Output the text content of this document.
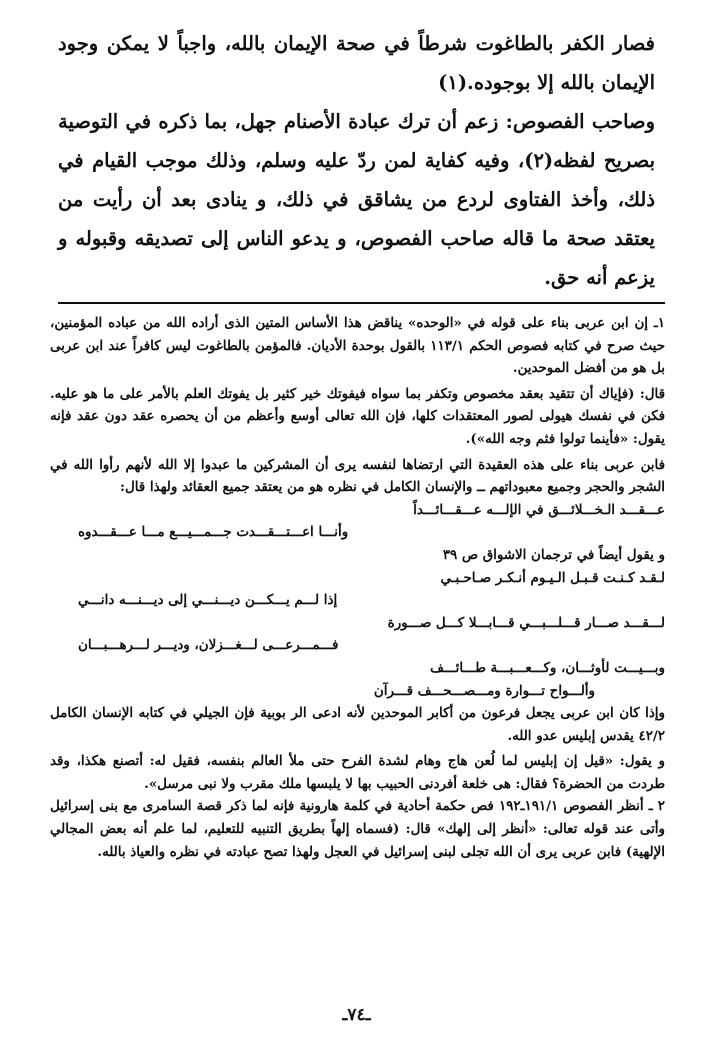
فصار الكفر بالطاغوت شرطاً في صحة الإيمان بالله، واجباً لا يمكن وجود الإيمان بالله إلا بوجوده.(١)

وصاحب الفصوص: زعم أن ترك عبادة الأصنام جهل، بما ذكره في التوصية بصريح لفظه(٢)، وفيه كفاية لمن ردّ عليه وسلم، وذلك موجب القيام في ذلك، وأخذ الفتاوى لردع من يشاقق في ذلك، و ينادى بعد أن رأيت من يعتقد صحة ما قاله صاحب الفصوص، و يدعو الناس إلى تصديقه وقبوله و يزعم أنه حق.

١ـ إن ابن عربى بناء على قوله في «الوحده» يناقض هذا الأساس المتين الذى أراده الله من عباده المؤمنين، حيث صرح في كتابه فصوص الحكم ١١٣/١ بالقول بوحدة الأديان. فالمؤمن بالطاغوت ليس كافراً عند ابن عربى بل هو من أفضل الموحدين.

قال: (فإياك أن تتقيد بعقد مخصوص وتكفر بما سواه فيفوتك خير كثير بل يفوتك العلم بالأمر على ما هو عليه. فكن في نفسك هيولى لصور المعتقدات كلها، فإن الله تعالى أوسع وأعظم من أن يحصره عقد دون عقد فإنه يقول: «فأينما تولوا فثم وجه الله»).

فابن عربى بناء على هذه العقيدة التي ارتضاها لنفسه يرى أن المشركين ما عبدوا إلا الله لأنهم رأوا الله في الشجر والحجر وجميع معبوداتهم ــ والإنسان الكامل في نظره هو من يعتقد جميع العقائد ولهذا قال:

عـــقـــد الـخـــلائـــق في الإلـــه عـــقـــائـــداً
وأنـــا اعـــتـــقـــدت جـــمـــيـــع مـــا عـــقـــدوه

و يقول أيضاً في ترجمان الاشواق ص ٣٩

لـقـد كـنـت قـبـل الـيـوم أنـكـر صـاحـبـي
إذا لـــم يـــكـــن ديـــنـــي إلى ديـــنـــه دانـــي
لـــقـــد صـــار قـــلـــبـــي قـــابـــلا كـــل صـــورة
فـــمـــرعـــى لـــغـــزلان، وديـــر لـــرهـــبـــان
وبـــيـــت لأوثـــان، وكـــعـــبـــة طـــائـــف
وألـــواح تـــوارة ومـــصـــحـــف قـــرآن

وإذا كان ابن عربى يجعل فرعون من أكابر الموحدين لأنه ادعى الر بوبية فإن الجيلي في كتابه الإنسان الكامل ٤٢/٢ يقدس إبليس عدو الله.

و يقول: «قيل إن إبليس لما لُعن هاج وهام لشدة الفرح حتى ملأ العالم بنفسه، فقيل له: أتصنع هكذا، وقد طردت من الحضرة؟ فقال: هى خلعة أفردنى الحبيب بها لا يلبسها ملك مقرب ولا نبى مرسل».

٢ ـ أنظر الفصوص ١٩١/١ـ١٩٢ فص حكمة أحادية في كلمة هارونية فإنه لما ذكر قصة السامرى مع بنى إسرائيل وأتى عند قوله تعالى: «أنظر إلى إلهك» قال: (فسماه إلهاً بطريق التنبيه للتعليم، لما علم أنه بعض المجالي الإلهية) فابن عربى يرى أن الله تجلى لبنى إسرائيل في العجل ولهذا تصح عبادته في نظره والعياذ بالله.

ـ٧٤ـ
